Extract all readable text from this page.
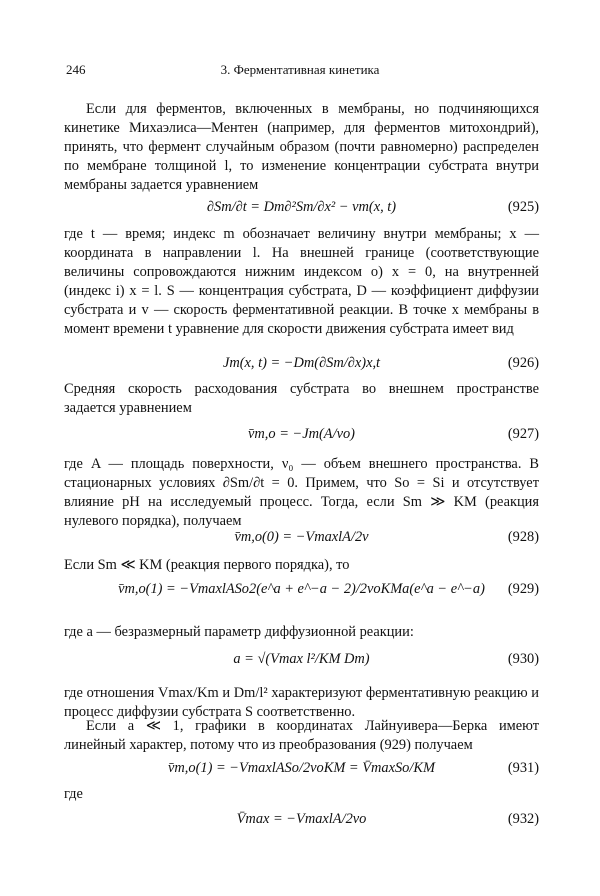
246	3. Ферментативная кинетика

Если для ферментов, включенных в мембраны, но подчиняющихся кинетике Михаэлиса—Ментен (например, для ферментов митохондрий), принять, что фермент случайным образом (почти равномерно) распределен по мембране толщиной l, то изменение концентрации субстрата внутри мембраны задается уравнением

∂Sm/∂t = Dm∂²Sm/∂x² − vm(x, t)	(925)

где t — время; индекс m обозначает величину внутри мембраны; x — координата в направлении l. На внешней границе (соответствующие величины сопровождаются нижним индексом о) x = 0, на внутренней (индекс i) x = l. S — концентрация субстрата, D — коэффициент диффузии субстрата и v — скорость ферментативной реакции. В точке x мембраны в момент времени t уравнение для скорости движения субстрата имеет вид

Jm(x, t) = −Dm(∂Sm/∂x)x,t	(926)

Средняя скорость расходования субстрата во внешнем пространстве задается уравнением

v̄m,o = −Jm(A/νo)	(927)

где A — площадь поверхности, ν₀ — объем внешнего пространства. В стационарных условиях ∂Sm/∂t = 0. Примем, что So = Si и отсутствует влияние pH на исследуемый процесс. Тогда, если Sm ≫ KM (реакция нулевого порядка), получаем

v̄m,o(0) = −VmaxlA/2ν	(928)

Если Sm ≪ KM (реакция первого порядка), то

v̄m,o(1) = −VmaxlASo2(e^a + e^−a − 2)/2νoKMa(e^a − e^−a)	(929)

где a — безразмерный параметр диффузионной реакции:

a = √(Vmax l²/KM Dm)	(930)

где отношения Vmax/Km и Dm/l² характеризуют ферментативную реакцию и процесс диффузии субстрата S соответственно.

Если a ≪ 1, графики в координатах Лайнуивера—Берка имеют линейный характер, потому что из преобразования (929) получаем

v̄m,o(1) = −VmaxlASo/2νoKM = V̄maxSo/KM	(931)

где

V̄max = −VmaxlA/2νo	(932)
